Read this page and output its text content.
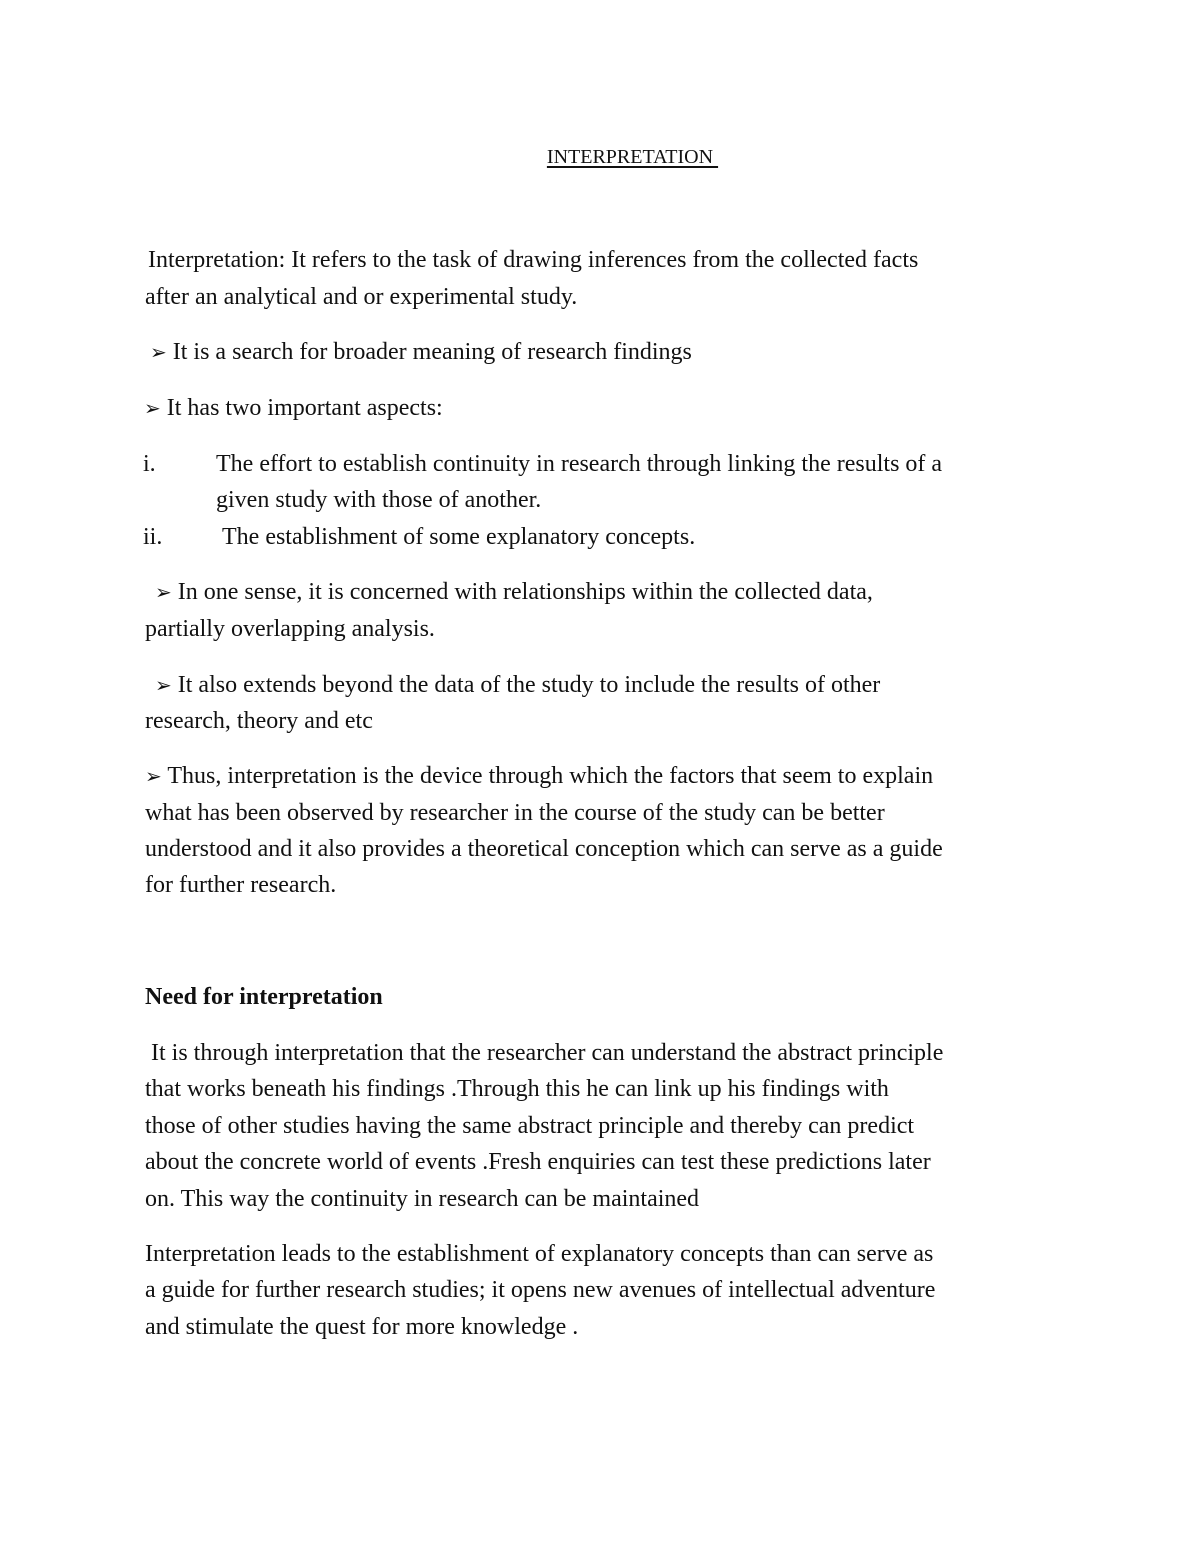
INTERPRETATION
Interpretation: It refers to the task of drawing inferences from the collected facts
after an analytical and or experimental study.
➢ It is a search for broader meaning of research findings
➢ It has two important aspects:
i.	The effort to establish continuity in research through linking the results of a
given study with those of another.
ii. The establishment of some explanatory concepts.
➢ In one sense, it is concerned with relationships within the collected data,
partially overlapping analysis.
➢ It also extends beyond the data of the study to include the results of other
research, theory and etc
➢ Thus, interpretation is the device through which the factors that seem to explain
what has been observed by researcher in the course of the study can be better
understood and it also provides a theoretical conception which can serve as a guide
for further research.
Need for interpretation
It is through interpretation that the researcher can understand the abstract principle
that works beneath his findings .Through this he can link up his findings with
those of other studies having the same abstract principle and thereby can predict
about the concrete world of events .Fresh enquiries can test these predictions later
on. This way the continuity in research can be maintained
Interpretation leads to the establishment of explanatory concepts than can serve as
a guide for further research studies; it opens new avenues of intellectual adventure
and stimulate the quest for more knowledge .
